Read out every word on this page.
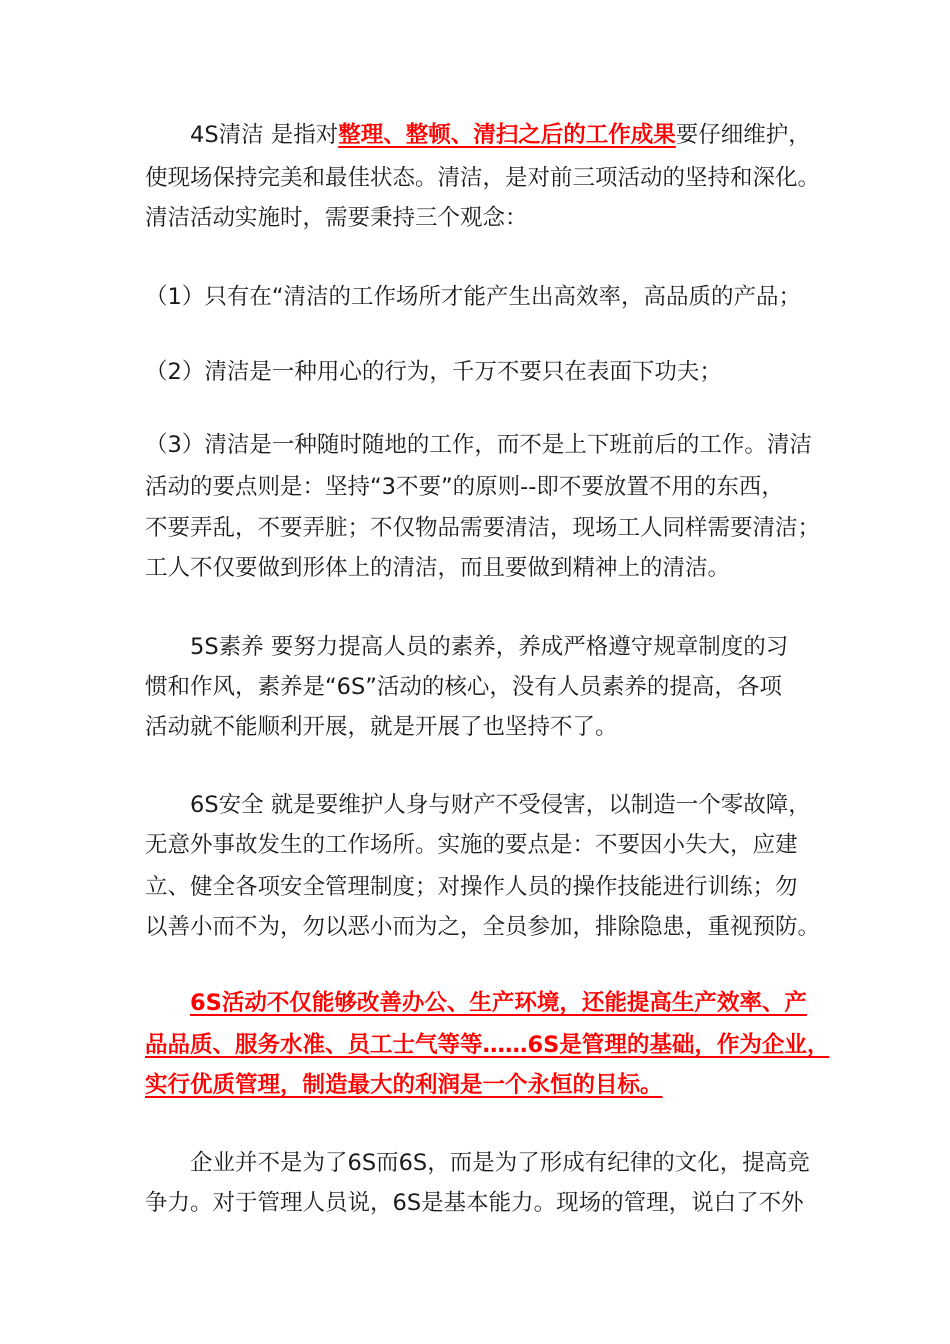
4S清洁 是指对整理、整顿、清扫之后的工作成果要仔细维护，
使现场保持完美和最佳状态。清洁，是对前三项活动的坚持和深化。
清洁活动实施时，需要秉持三个观念：
（1）只有在“清洁的工作场所才能产生出高效率，高品质的产品；
（2）清洁是一种用心的行为，千万不要只在表面下功夫；
（3）清洁是一种随时随地的工作，而不是上下班前后的工作。清洁
活动的要点则是：坚持“3不要”的原则--即不要放置不用的东西，
不要弄乱，不要弄脏；不仅物品需要清洁，现场工人同样需要清洁；
工人不仅要做到形体上的清洁，而且要做到精神上的清洁。
5S素养 要努力提高人员的素养，养成严格遵守规章制度的习
惯和作风，素养是“6S”活动的核心，没有人员素养的提高，各项
活动就不能顺利开展，就是开展了也坚持不了。
6S安全 就是要维护人身与财产不受侵害，以制造一个零故障，
无意外事故发生的工作场所。实施的要点是：不要因小失大，应建
立、健全各项安全管理制度；对操作人员的操作技能进行训练；勿
以善小而不为，勿以恶小而为之，全员参加，排除隐患，重视预防。
6S活动不仅能够改善办公、生产环境，还能提高生产效率、产
品品质、服务水准、员工士气等等……6S是管理的基础，作为企业，
实行优质管理，制造最大的利润是一个永恒的目标。
企业并不是为了6S而6S，而是为了形成有纪律的文化，提高竞
争力。对于管理人员说，6S是基本能力。现场的管理，说白了不外
